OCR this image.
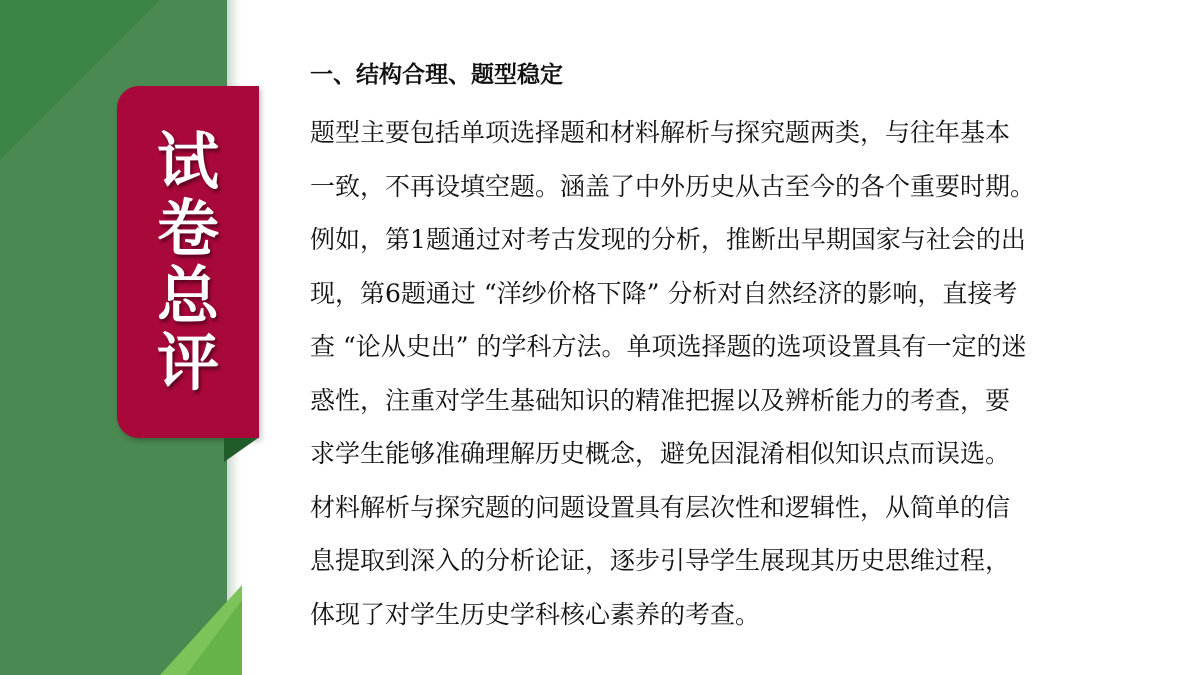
试
卷
总
评
一、结构合理、题型稳定
题型主要包括单项选择题和材料解析与探究题两类，与往年基本
一致，不再设填空题。涵盖了中外历史从古至今的各个重要时期。
例如，第1题通过对考古发现的分析，推断出早期国家与社会的出
现，第6题通过 “洋纱价格下降” 分析对自然经济的影响，直接考
查 “论从史出” 的学科方法。单项选择题的选项设置具有一定的迷
惑性，注重对学生基础知识的精准把握以及辨析能力的考查，要
求学生能够准确理解历史概念，避免因混淆相似知识点而误选。
材料解析与探究题的问题设置具有层次性和逻辑性，从简单的信
息提取到深入的分析论证，逐步引导学生展现其历史思维过程，
体现了对学生历史学科核心素养的考查。
